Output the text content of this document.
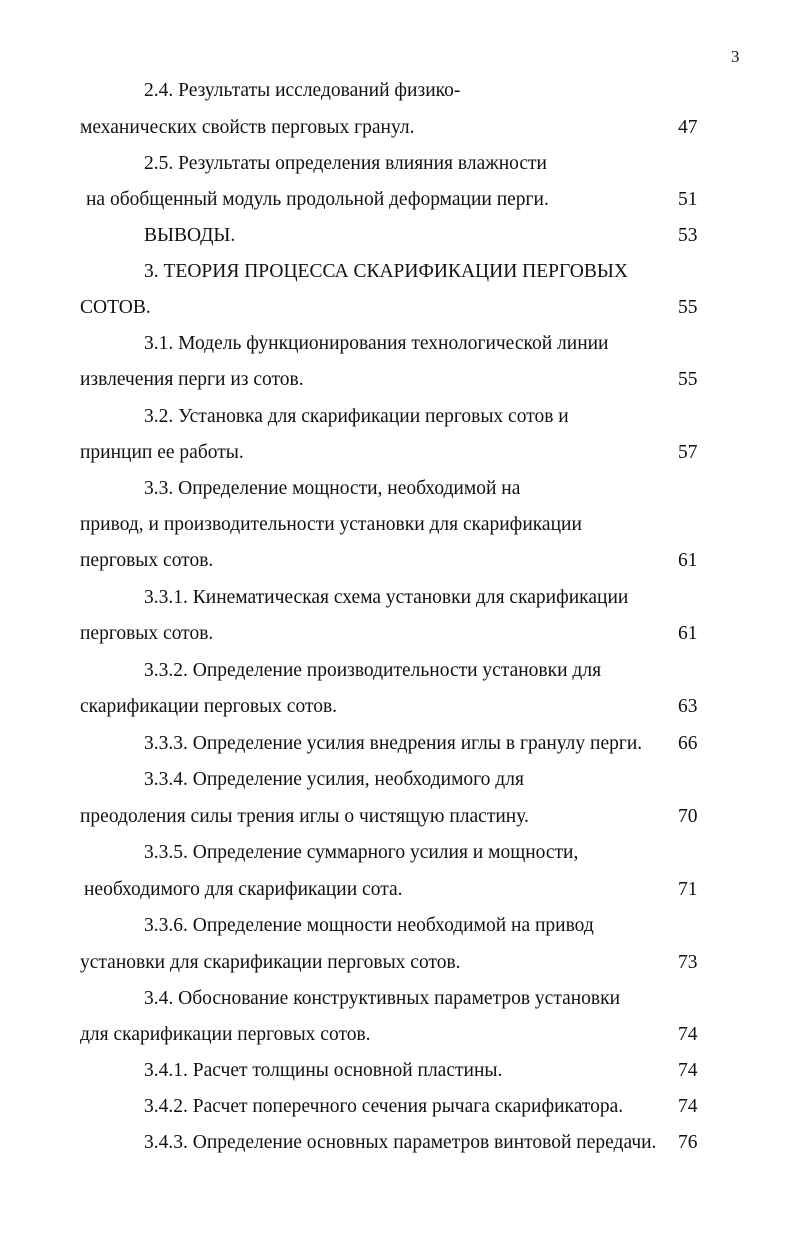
3
2.4. Результаты исследований физико-
механических свойств перговых гранул.	47
2.5. Результаты определения влияния влажности
на обобщенный модуль продольной деформации перги.	51
ВЫВОДЫ.	53
3. ТЕОРИЯ ПРОЦЕССА СКАРИФИКАЦИИ ПЕРГОВЫХ
СОТОВ.	55
3.1. Модель функционирования технологической линии
извлечения перги из сотов.	55
3.2. Установка для скарификации перговых сотов и
принцип ее работы.	57
3.3. Определение мощности, необходимой на
привод, и производительности установки для скарификации
перговых сотов.	61
3.3.1. Кинематическая схема установки для скарификации
перговых сотов.	61
3.3.2. Определение производительности установки для
скарификации перговых сотов.	63
3.3.3. Определение усилия внедрения иглы в гранулу перги. 66
3.3.4. Определение усилия, необходимого для
преодоления силы трения иглы о чистящую пластину.	70
3.3.5. Определение суммарного усилия и мощности,
необходимого для скарификации сота.	71
3.3.6. Определение мощности необходимой на привод
установки для скарификации перговых сотов.	73
3.4. Обоснование конструктивных параметров установки
для скарификации перговых сотов.	74
3.4.1. Расчет толщины основной пластины.	74
3.4.2. Расчет поперечного сечения рычага скарификатора.	74
3.4.3. Определение основных параметров винтовой передачи. 76
